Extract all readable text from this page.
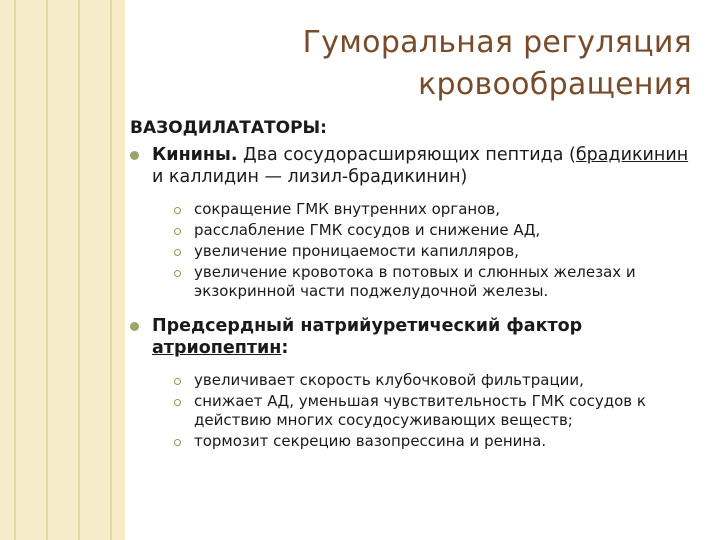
Гуморальная регуляция
кровообращения
ВАЗОДИЛАТАТОРЫ:
Кинины. Два сосудорасширяющих пептида (брадикинин и каллидин — лизил-брадикинин)
сокращение ГМК внутренних органов,
расслабление ГМК сосудов и снижение АД,
увеличение проницаемости капилляров,
увеличение кровотока в потовых и слюнных железах и экзокринной части поджелудочной железы.
Предсердный натрийуретический фактор атриопептин:
увеличивает скорость клубочковой фильтрации,
снижает АД, уменьшая чувствительность ГМК сосудов к действию многих сосудосуживающих веществ;
тормозит секрецию вазопрессина и ренина.
